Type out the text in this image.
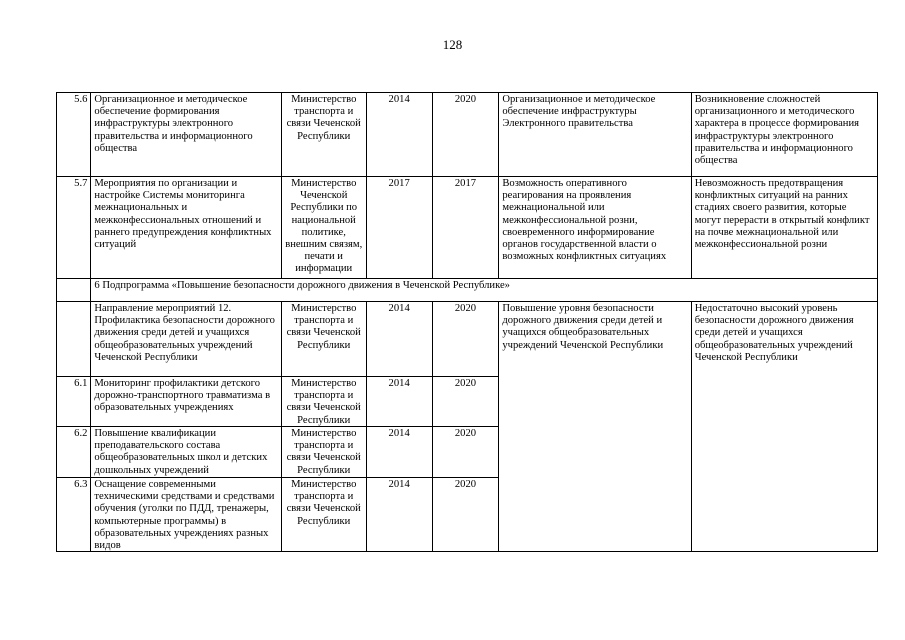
128
5.6	Организационное и методическое обеспечение формирования инфраструктуры электронного правительства и информационного общества	Министерство транспорта и связи Чеченской Республики	2014	2020	Организационное и методическое обеспечение инфраструктуры Электронного правительства	Возникновение сложностей организационного и методического характера в процессе формирования инфраструктуры электронного правительства и информационного общества

5.7	Мероприятия по организации и настройке Системы мониторинга межнациональных и межконфессиональных отношений и раннего предупреждения конфликтных ситуаций	Министерство Чеченской Республики по национальной политике, внешним связям, печати и информации	2017	2017	Возможность оперативного реагирования на проявления межнациональной или межконфессиональной розни, своевременного информирование органов государственной власти о возможных конфликтных ситуациях	Невозможность предотвращения конфликтных ситуаций на ранних стадиях своего развития, которые могут перерасти в открытый конфликт на почве межнациональной или межконфессиональной розни

	6 Подпрограмма «Повышение безопасности дорожного движения в Чеченской Республике»					

	Направление мероприятий 12. Профилактика безопасности дорожного движения среди детей и учащихся общеобразовательных учреждений Чеченской Республики	Министерство транспорта и связи Чеченской Республики	2014	2020	Повышение уровня безопасности дорожного движения среди детей и учащихся общеобразовательных учреждений Чеченской Республики	Недостаточно высокий уровень безопасности дорожного движения среди детей и учащихся общеобразовательных учреждений Чеченской Республики
6.1	Мониторинг профилактики детского дорожно-транспортного травматизма в образовательных учреждениях	Министерство транспорта и связи Чеченской Республики	2014	2020		
6.2	Повышение квалификации преподавательского состава общеобразовательных школ и детских дошкольных учреждений	Министерство транспорта и связи Чеченской Республики	2014	2020		
6.3	Оснащение современными техническими средствами и средствами обучения (уголки по ПДД, тренажеры, компьютерные программы) в образовательных учреждениях разных видов	Министерство транспорта и связи Чеченской Республики	2014	2020		
